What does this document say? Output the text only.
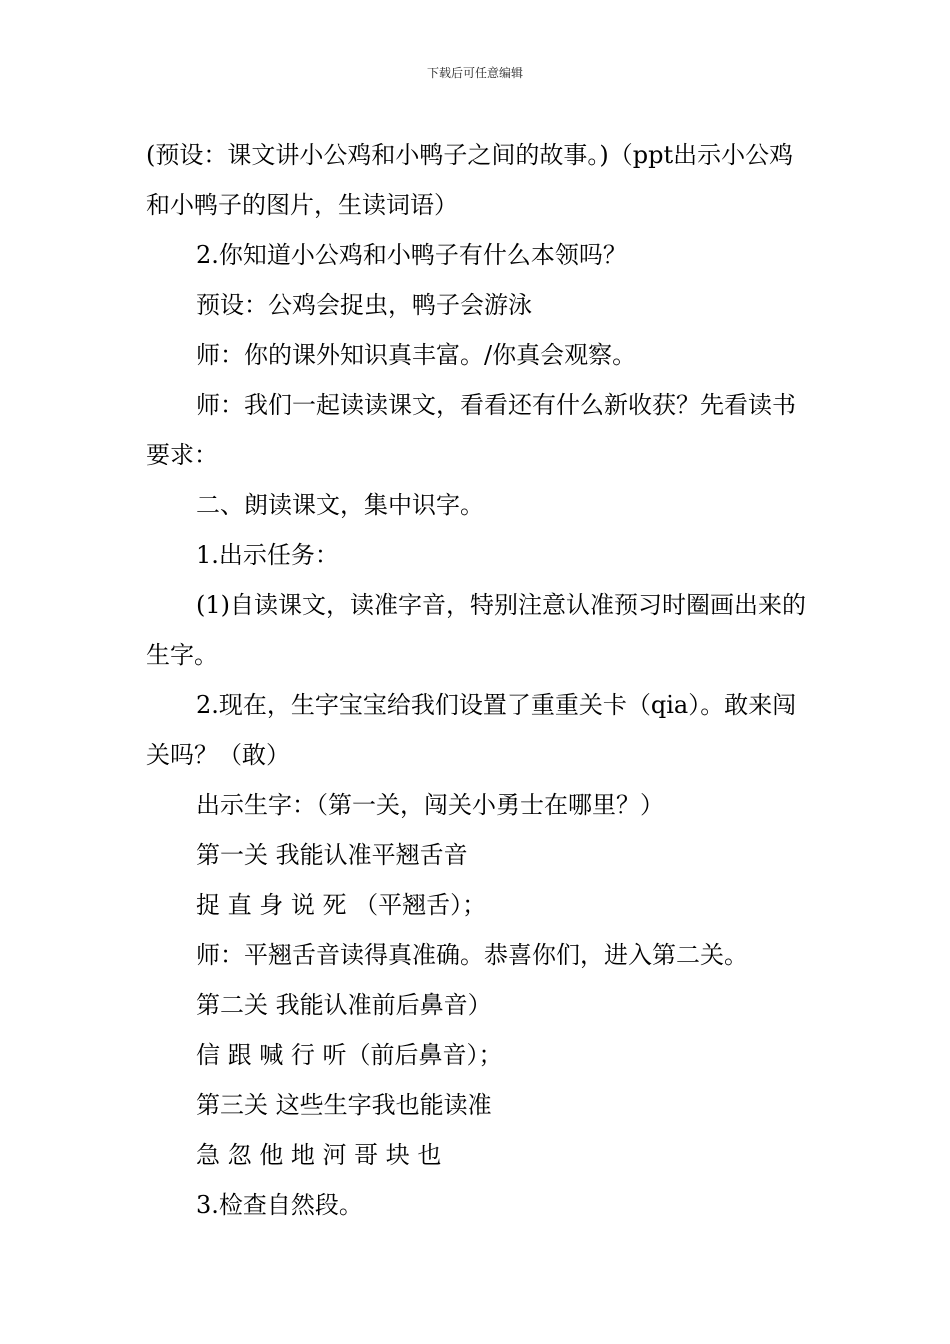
下载后可任意编辑

(预设：课文讲小公鸡和小鸭子之间的故事。)（ppt出示小公鸡和小鸭子的图片，生读词语）

2.你知道小公鸡和小鸭子有什么本领吗？

预设：公鸡会捉虫，鸭子会游泳

师：你的课外知识真丰富。/你真会观察。

师：我们一起读读课文，看看还有什么新收获？先看读书要求：

二、朗读课文，集中识字。

1.出示任务：

(1)自读课文，读准字音，特别注意认准预习时圈画出来的生字。

2.现在，生字宝宝给我们设置了重重关卡（qia）。敢来闯关吗？（敢）

出示生字：（第一关，闯关小勇士在哪里？）

第一关 我能认准平翘舌音

捉 直 身 说 死 （平翘舌）；

师：平翘舌音读得真准确。恭喜你们，进入第二关。

第二关 我能认准前后鼻音）

信 跟 喊 行 听（前后鼻音）；

第三关 这些生字我也能读准

急 忽 他 地 河 哥 块 也

3.检查自然段。
